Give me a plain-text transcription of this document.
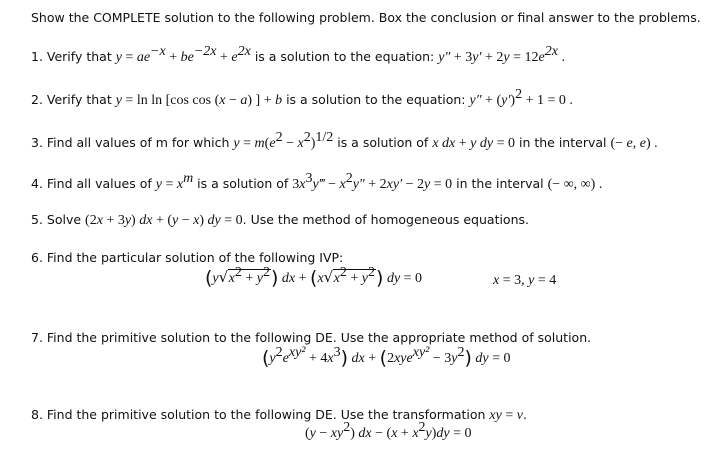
Show the COMPLETE solution to the following problem. Box the conclusion or final answer to the problems.
1. Verify that $y = ae^{-x} + be^{-2x} + e^{2x}$ is a solution to the equation: $y'' + 3y' + 2y = 12e^{2x}$ .
2. Verify that y = ln ln [cos cos (x − a) ] + b is a solution to the equation: $y'' + (y')^2 + 1 = 0$ .
3. Find all values of m for which $y = m(e^2 - x^2)^{1/2}$ is a solution of x dx + y dy = 0 in the interval (− e, e) .
4. Find all values of $y = x^m$ is a solution of $3x^3y‴ - x^2y'' + 2xy' - 2y = 0$ in the interval (− ∞, ∞) .
5. Solve (2x + 3y) dx + (y − x) dy = 0. Use the method of homogeneous equations.
6. Find the particular solution of the following IVP:
(y √ $x^2 + y^2$) dx + (x √ $x^2 + y^2$) dy = 0	x = 3, y = 4
7. Find the primitive solution to the following DE. Use the appropriate method of solution.
$(y^2e^{xy^2} + 4x^3)$ dx + $(2xye^{xy^2} - 3y^2)$ dy = 0
8. Find the primitive solution to the following DE. Use the transformation xy = v.
$(y - xy^2)$ dx − $(x + x^2y)dy = 0$
